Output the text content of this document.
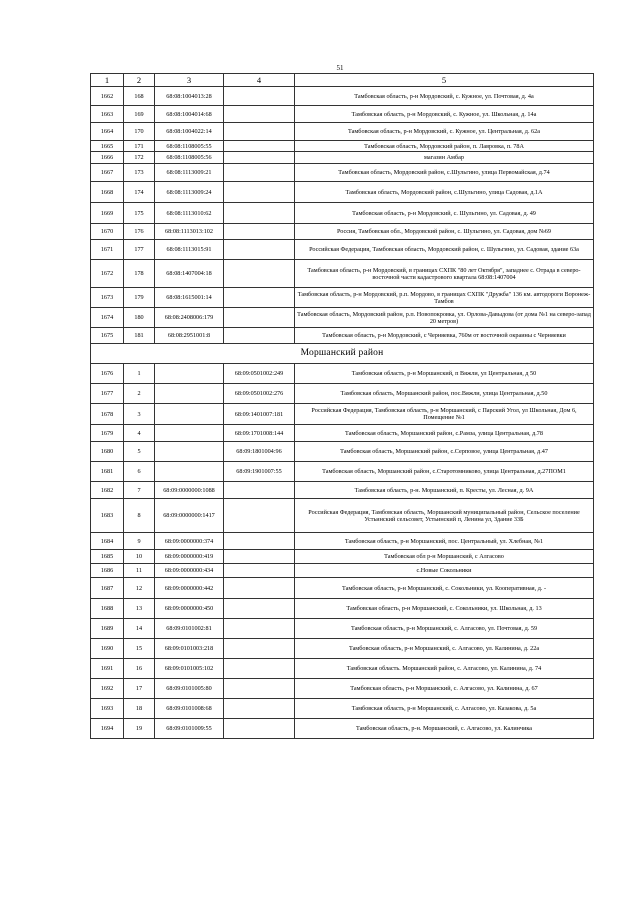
51
1	2	3	4	5
1662	168	68:08:1004013:28		Тамбовская область, р-н Мордовский, с. Кужное, ул. Почтовая, д. 4а
1663	169	68:08:1004014:68		Тамбовская область, р-н Мордовский, с. Кужное, ул. Школьная, д. 14а
1664	170	68:08:1004022:14		Тамбовская область, р-н Мордовский, с. Кужное, ул. Центральная, д. 62а
1665	171	68:08:1108005:55		Тамбовская область, Мордовский район, п. Лавровка, п. 78А
1666	172	68:08:1108005:56		магазин Амбар
1667	173	68:08:1113009:21		Тамбовская область, Мордовский район, с.Шульгино, улица Первомайская, д.74
1668	174	68:08:1113009:24		Тамбовская область, Мордовский район, с.Шульгино, улица Садовая, д.1А
1669	175	68:08:1113010:62		Тамбовская область, р-н Мордовский, с. Шульгино, ул. Садовая, д. 49
1670	176	68:08:1113013:102		Россия, Тамбовская обл., Мордовский район, с. Шульгино, ул. Садовая, дом №69
1671	177	68:08:1113015:91		Российская Федерация, Тамбовская область, Мордовский район, с. Шульгино, ул. Садовая, здание 63а
1672	178	68:08:1407004:18		Тамбовская область, р-н Мордовский, в границах СХПК "80 лет Октября", западнее с. Отрада в северо-восточной части кадастрового квартала 68:08:1407004
1673	179	68:08:1615001:14		Тамбовская область, р-н Мордовский, р.п. Мордово, в границах СХПК "Дружба" 136 км. автодороги Воронеж-Тамбов
1674	180	68:08:2408006:179		Тамбовская область, Мордовский район, р.п. Новопокровка, ул. Орлова-Давыдова (от дома №1 на северо-запад 20 метров)
1675	181	68:08:2951001:8		Тамбовская область, р-н Мордовский, с Черняевка, 760м от восточной окраины с Черняевки
Моршанский район				
1676	1		68:09:0501002:249	Тамбовская область, р-н Моршанский, п Вяжли, ул Центральная, д 50
1677	2		68:09:0501002:276	Тамбовская область, Моршанский район, пос.Вяжли, улица Центральная, д.50
1678	3		68:09:1401007:181	Российская Федерация, Тамбовская область, р-н Моршанский, с Парский Угол, ул Школьная, Дом 6, Помещение №1
1679	4		68:09:1701008:144	Тамбовская область, Моршанский район, с.Рамза, улица Центральная, д.78
1680	5		68:09:1801004:96	Тамбовская область, Моршанский район, с.Серповое, улица Центральная, д.47
1681	6		68:09:1901007:55	Тамбовская область, Моршанский район, с.Старотомниково, улица Центральная, д.27ПОМ1
1682	7	68:09:0000000:1088		Тамбовская область, р-н. Моршанский, п. Кресты, ул. Лесная, д. 9А
1683	8	68:09:0000000:1417		Российская Федерация, Тамбовская область, Моршанский муниципальный район, Сельское поселение Устьинский сельсовет, Устьинский п, Ленина ул, Здание 33Б
1684	9	68:09:0000000:374		Тамбовская область, р-н Моршанский, пос. Центральный, ул. Хлебная, №1
1685	10	68:09:0000000:419		Тамбовская обл р-н Моршанский, с Алгасово
1686	11	68:09:0000000:434		с.Новые Сокольники
1687	12	68:09:0000000:442		Тамбовская область, р-н Моршанский, с. Сокольники, ул. Кооперативная, д. -
1688	13	68:09:0000000:450		Тамбовская область, р-н Моршанский, с. Сокольники, ул. Школьная, д. 13
1689	14	68:09:0101002:81		Тамбовская область, р-н Моршанский, с. Алгасово, ул. Почтовая, д. 59
1690	15	68:09:0101003:218		Тамбовская область, р-н Моршанский, с. Алгасово, ул. Калинина, д. 22а
1691	16	68:09:0101005:102		Тамбовская область. Моршанский район, с. Алгасово, ул. Калинина, д. 74
1692	17	68:09:0101005:80		Тамбовская область, р-н Моршанский, с. Алгасово, ул. Калинина, д. 67
1693	18	68:09:0101008:68		Тамбовская область, р-н Моршанский, с. Алгасово, ул. Казакова, д. 5а
1694	19	68:09:0101009:55		Тамбовская область, р-н. Моршанский, с. Алгасово, ул. Калинчика
